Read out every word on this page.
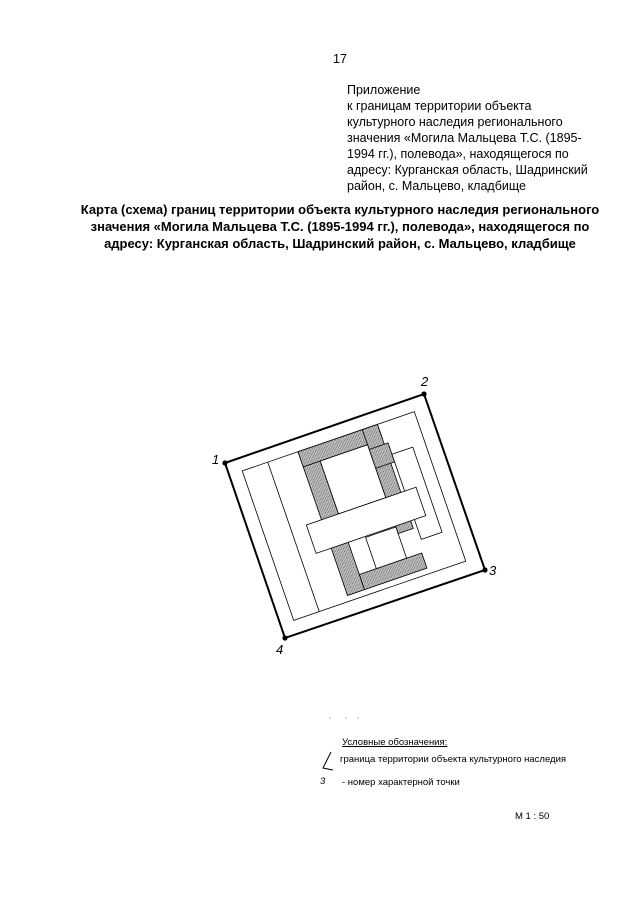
17
Приложение
к границам территории объекта
культурного наследия регионального
значения «Могила Мальцева Т.С. (1895-
1994 гг.), полевода», находящегося по
адресу: Курганская область, Шадринский
район, с. Мальцево, кладбище
Карта (схема) границ территории объекта культурного наследия регионального
значения «Могила Мальцева Т.С. (1895-1994 гг.), полевода», находящегося по
адресу: Курганская область, Шадринский район, с. Мальцево, кладбище
1
2
3
4
Условные обозначения:
граница территории объекта культурного наследия
3 - номер характерной точки
М 1 : 50
